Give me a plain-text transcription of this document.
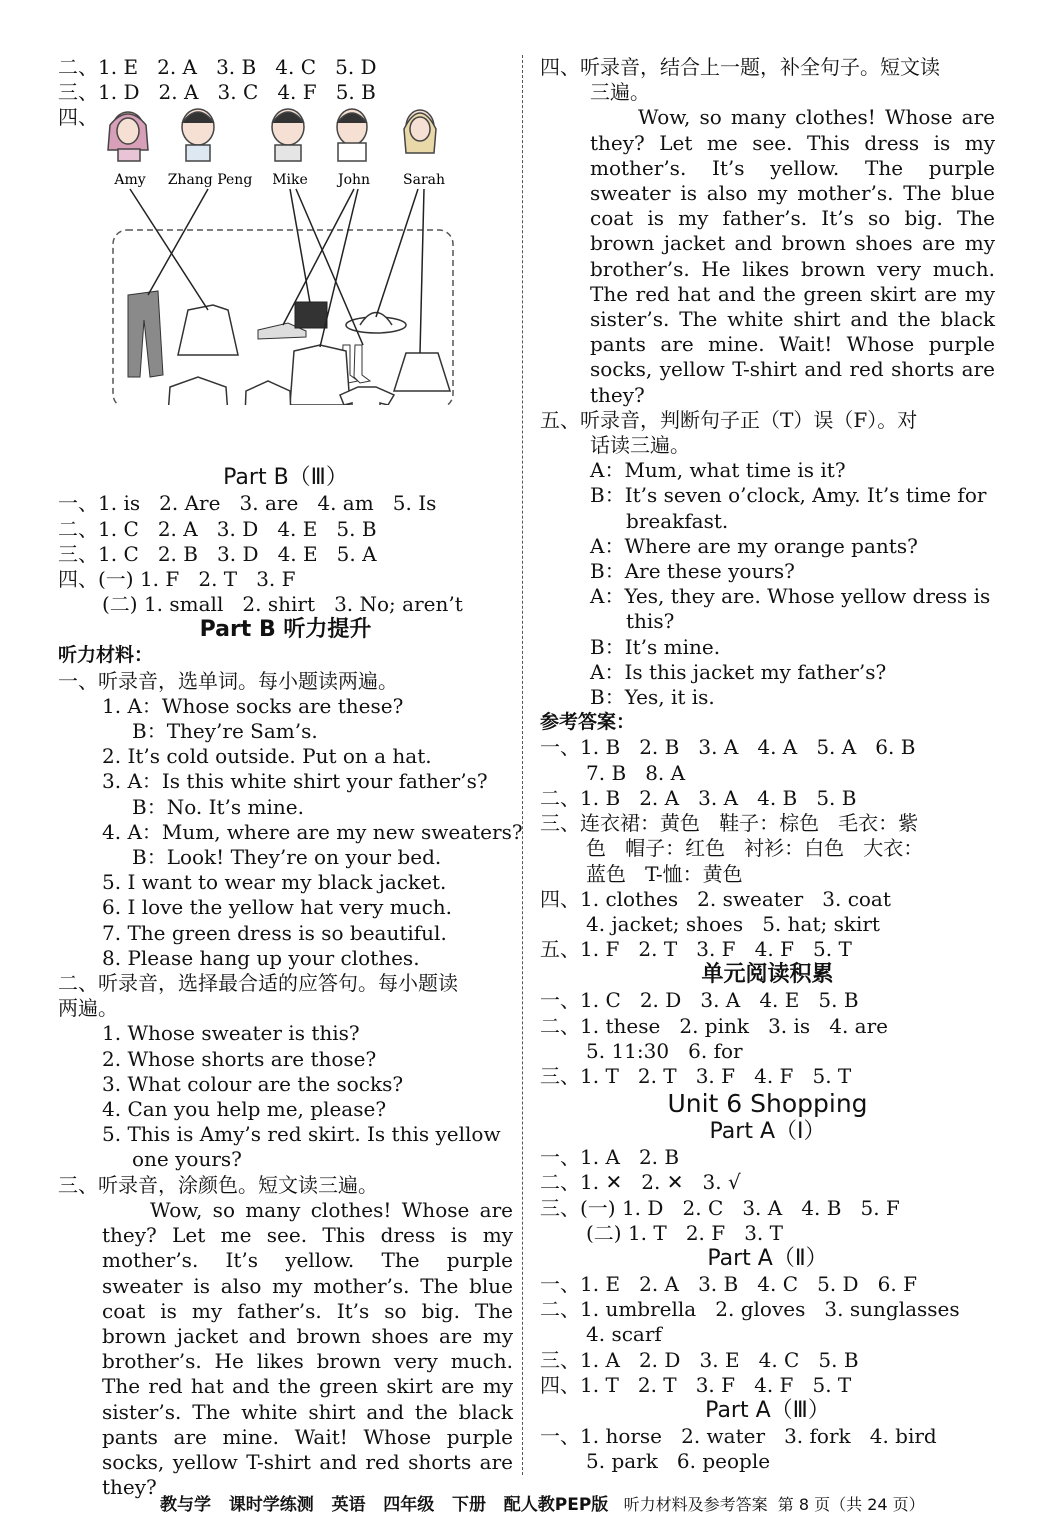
二、1. E   2. A   3. B   4. C   5. D
三、1. D   2. A   3. C   4. F   5. B
四、
Amy Zhang Peng Mike John Sarah
Part B（Ⅲ）
一、1. is   2. Are   3. are   4. am   5. Is
二、1. C   2. A   3. D   4. E   5. B
三、1. C   2. B   3. D   4. E   5. A
四、(一) 1. F   2. T   3. F
(二) 1. small   2. shirt   3. No; aren’t
Part B 听力提升
听力材料：
一、听录音，选单词。每小题读两遍。
1. A：Whose socks are these?
B：They’re Sam’s.
2. It’s cold outside. Put on a hat.
3. A：Is this white shirt your father’s?
B：No. It’s mine.
4. A：Mum, where are my new sweaters?
B：Look! They’re on your bed.
5. I want to wear my black jacket.
6. I love the yellow hat very much.
7. The green dress is so beautiful.
8. Please hang up your clothes.
二、听录音，选择最合适的应答句。每小题读
两遍。
1. Whose sweater is this?
2. Whose shorts are those?
3. What colour are the socks?
4. Can you help me, please?
5. This is Amy’s red skirt. Is this yellow
one yours?
三、听录音，涂颜色。短文读三遍。
Wow, so many clothes! Whose are they? Let me see. This dress is my mother’s. It’s yellow. The purple sweater is also my mother’s. The blue coat is my father’s. It’s so big. The brown jacket and brown shoes are my brother’s. He likes brown very much. The red hat and the green skirt are my sister’s. The white shirt and the black pants are mine. Wait! Whose purple socks, yellow T-shirt and red shorts are they?
四、听录音，结合上一题，补全句子。短文读
三遍。
Wow, so many clothes! Whose are they? Let me see. This dress is my mother’s. It’s yellow. The purple sweater is also my mother’s. The blue coat is my father’s. It’s so big. The brown jacket and brown shoes are my brother’s. He likes brown very much. The red hat and the green skirt are my sister’s. The white shirt and the black pants are mine. Wait! Whose purple socks, yellow T-shirt and red shorts are they?
五、听录音，判断句子正（T）误（F）。对
话读三遍。
A：Mum, what time is it?
B：It’s seven o’clock, Amy. It’s time for
breakfast.
A：Where are my orange pants?
B：Are these yours?
A：Yes, they are. Whose yellow dress is
this?
B：It’s mine.
A：Is this jacket my father’s?
B：Yes, it is.
参考答案：
一、1. B   2. B   3. A   4. A   5. A   6. B
7. B   8. A
二、1. B   2. A   3. A   4. B   5. B
三、连衣裙：黄色   鞋子：棕色   毛衣：紫
色   帽子：红色   衬衫：白色   大衣：
蓝色   T-恤：黄色
四、1. clothes   2. sweater   3. coat
4. jacket; shoes   5. hat; skirt
五、1. F   2. T   3. F   4. F   5. T
单元阅读积累
一、1. C   2. D   3. A   4. E   5. B
二、1. these   2. pink   3. is   4. are
5. 11:30   6. for
三、1. T   2. T   3. F   4. F   5. T
Unit 6 Shopping
Part A（Ⅰ）
一、1. A   2. B
二、1. ✕   2. ✕   3. √
三、(一) 1. D   2. C   3. A   4. B   5. F
(二) 1. T   2. F   3. T
Part A（Ⅱ）
一、1. E   2. A   3. B   4. C   5. D   6. F
二、1. umbrella   2. gloves   3. sunglasses
4. scarf
三、1. A   2. D   3. E   4. C   5. B
四、1. T   2. T   3. F   4. F   5. T
Part A（Ⅲ）
一、1. horse   2. water   3. fork   4. bird
5. park   6. people
教与学   课时学练测   英语   四年级   下册   配人教PEP版 听力材料及参考答案 第 8 页（共 24 页）
